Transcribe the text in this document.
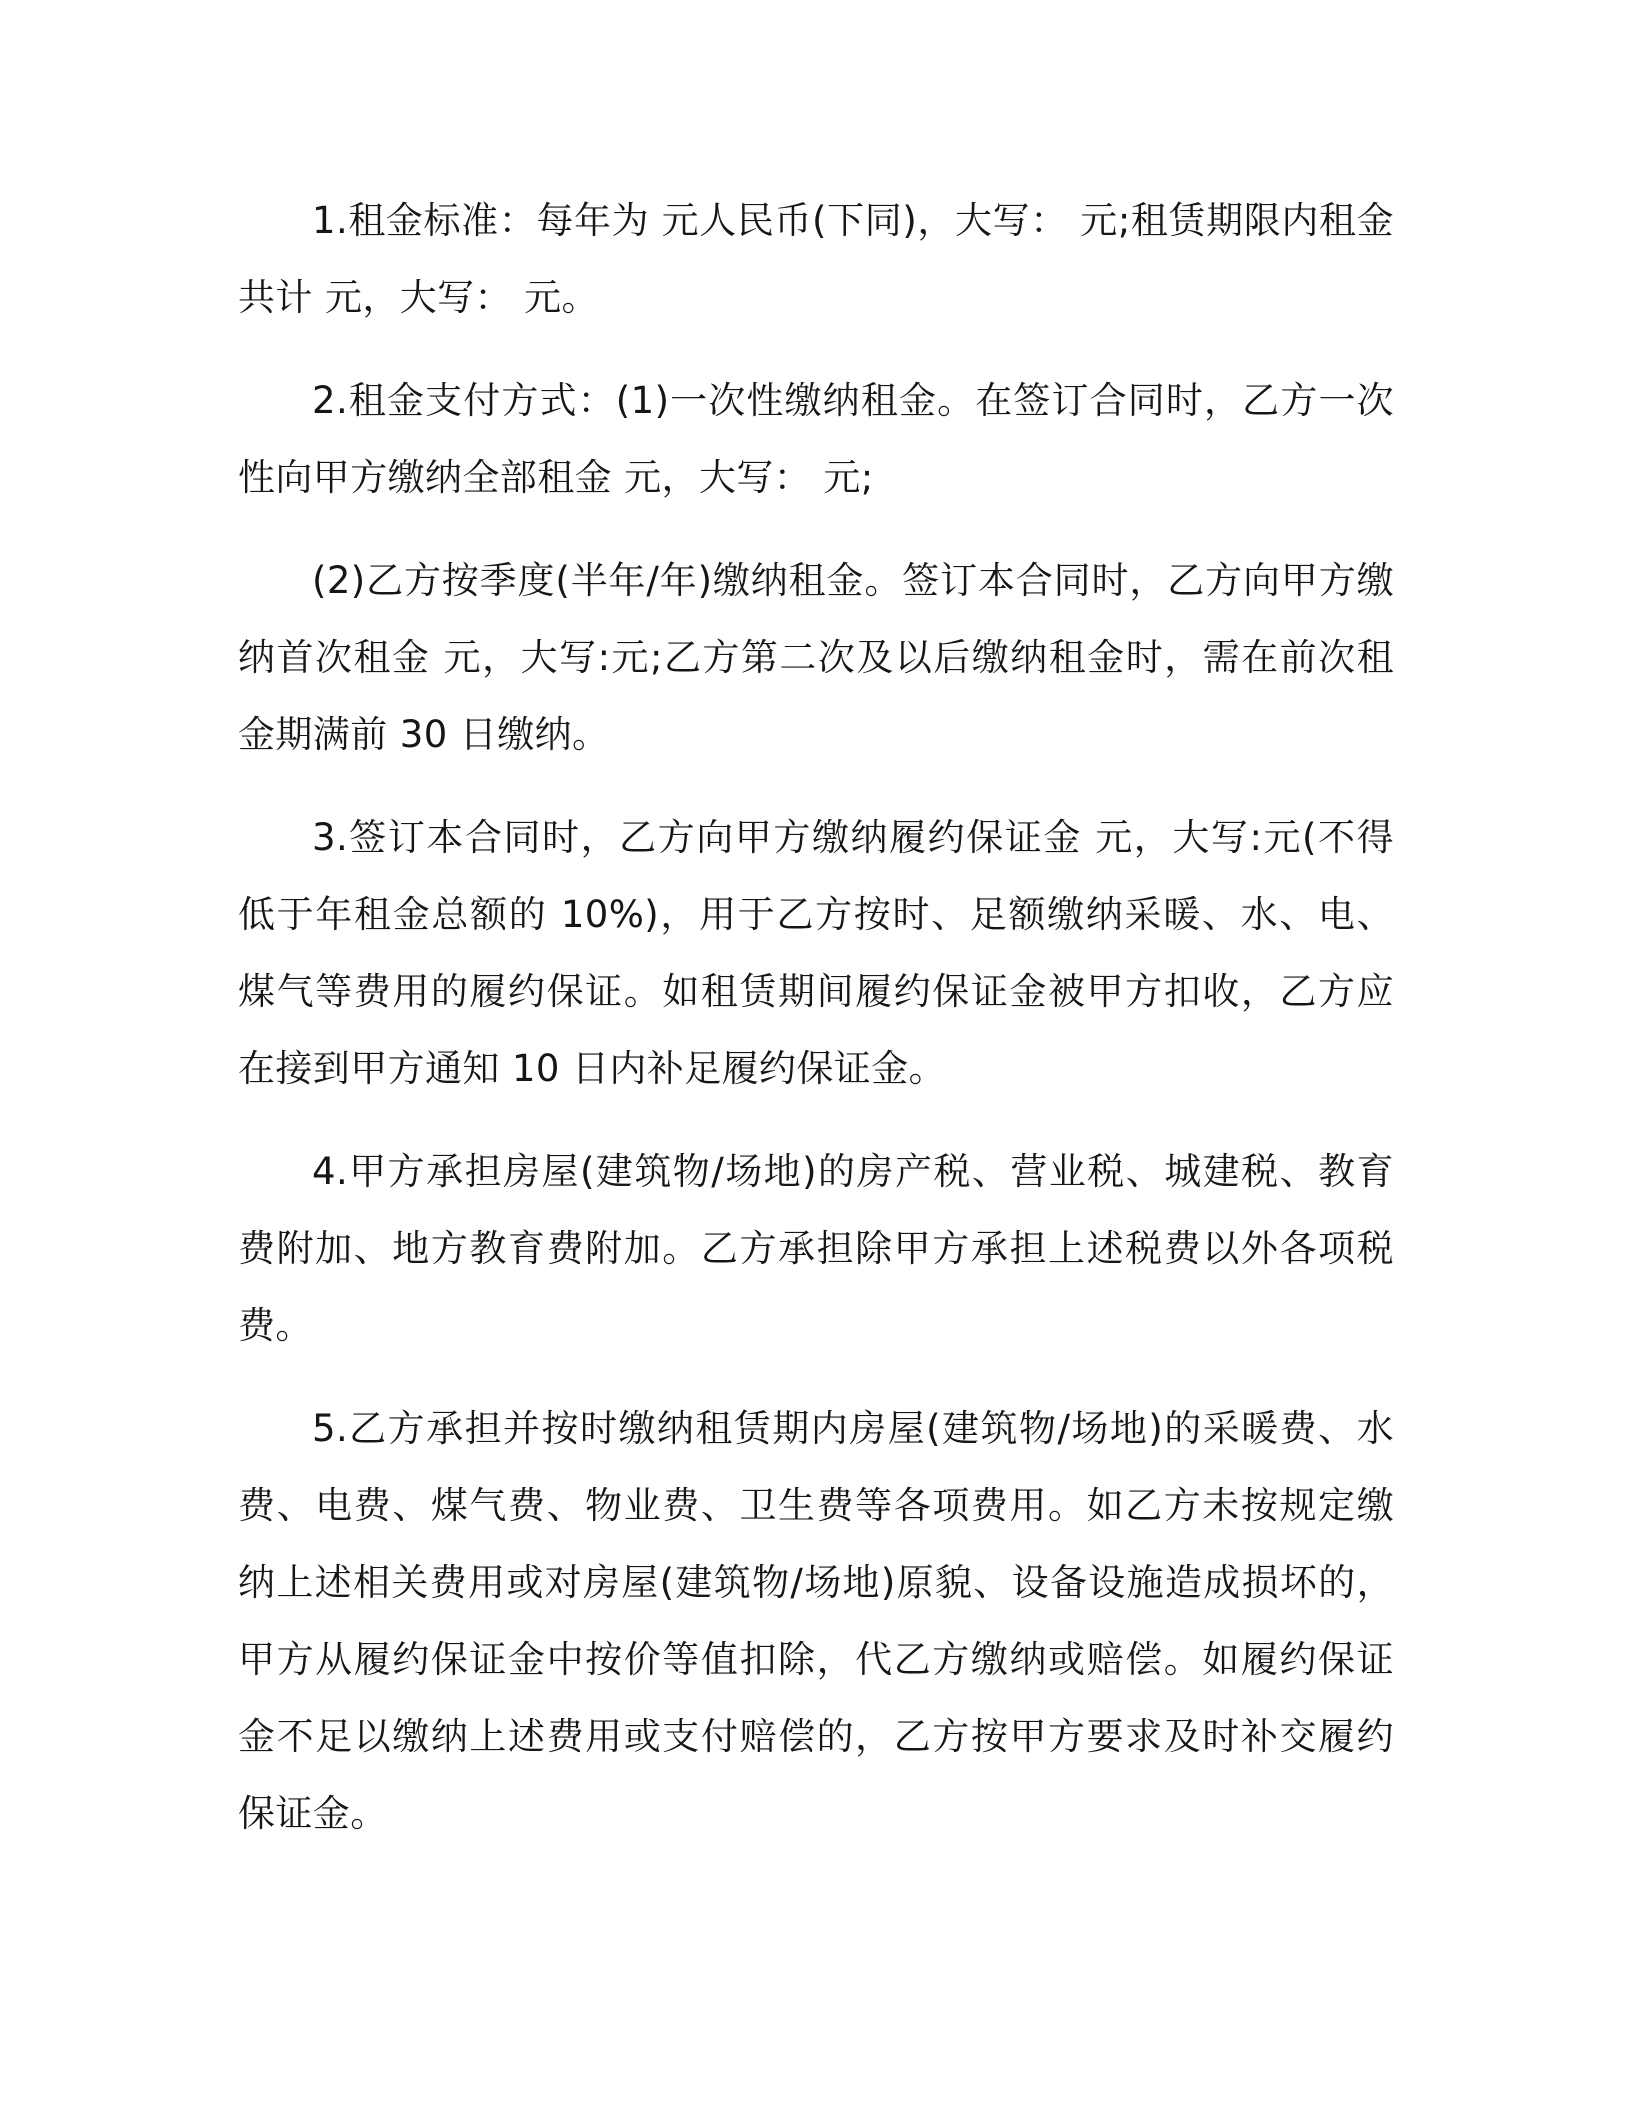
1.租金标准：每年为 元人民币(下同)，大写： 元;租赁期限内租金共计 元，大写： 元。

2.租金支付方式：(1)一次性缴纳租金。在签订合同时，乙方一次性向甲方缴纳全部租金 元，大写： 元;

(2)乙方按季度(半年/年)缴纳租金。签订本合同时，乙方向甲方缴纳首次租金 元，大写:元;乙方第二次及以后缴纳租金时，需在前次租金期满前 30 日缴纳。

3.签订本合同时，乙方向甲方缴纳履约保证金 元，大写:元(不得低于年租金总额的 10%)，用于乙方按时、足额缴纳采暖、水、电、煤气等费用的履约保证。如租赁期间履约保证金被甲方扣收，乙方应在接到甲方通知 10 日内补足履约保证金。

4.甲方承担房屋(建筑物/场地)的房产税、营业税、城建税、教育费附加、地方教育费附加。乙方承担除甲方承担上述税费以外各项税费。

5.乙方承担并按时缴纳租赁期内房屋(建筑物/场地)的采暖费、水费、电费、煤气费、物业费、卫生费等各项费用。如乙方未按规定缴纳上述相关费用或对房屋(建筑物/场地)原貌、设备设施造成损坏的，甲方从履约保证金中按价等值扣除，代乙方缴纳或赔偿。如履约保证金不足以缴纳上述费用或支付赔偿的，乙方按甲方要求及时补交履约保证金。
